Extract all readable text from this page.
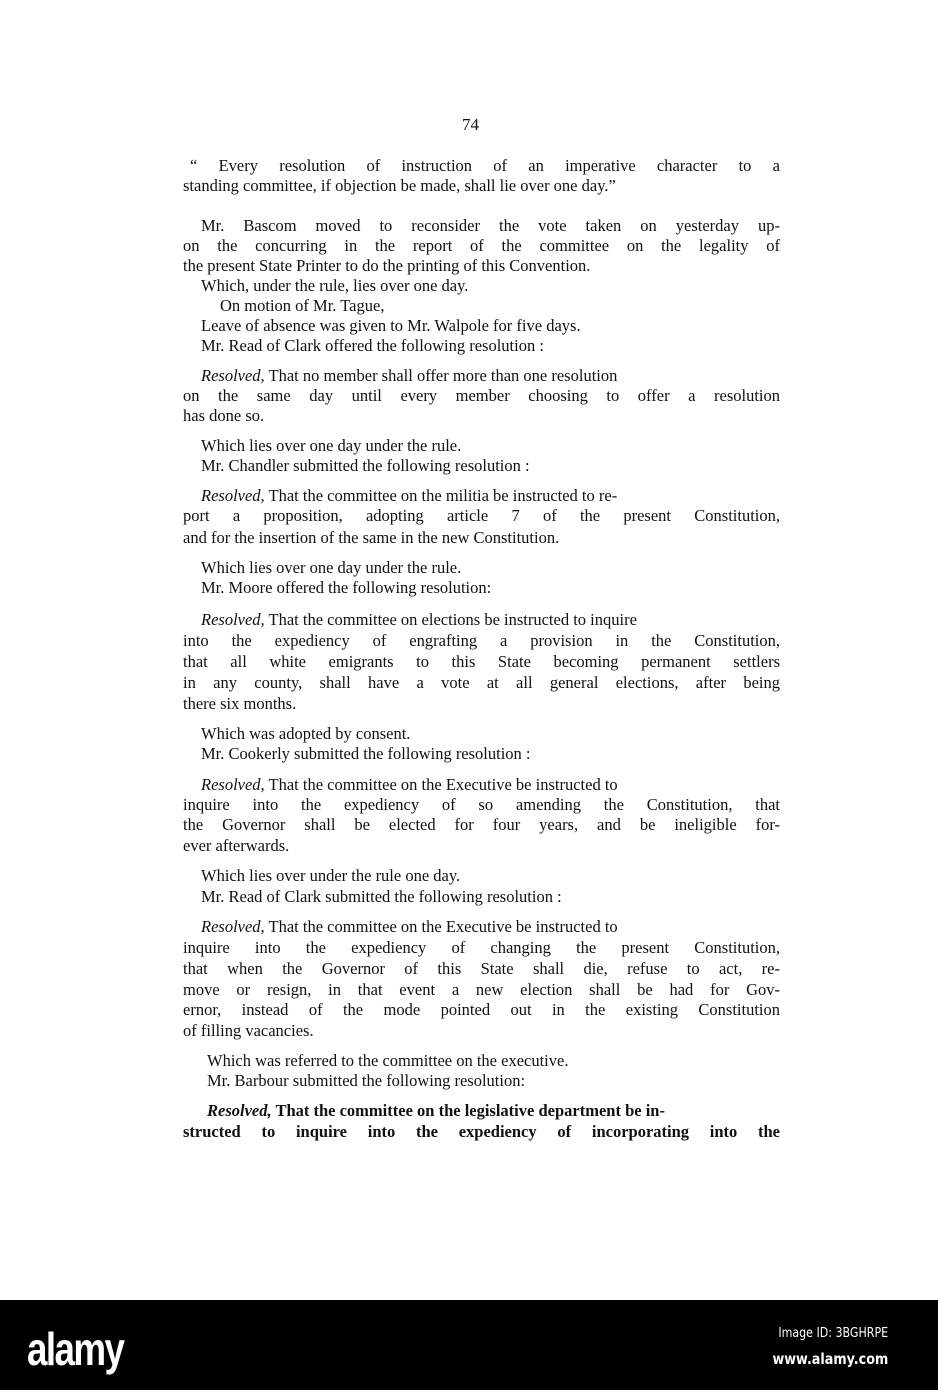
74
“ Every resolution of instruction of an imperative character to a
standing committee, if objection be made, shall lie over one day.”
Mr. Bascom moved to reconsider the vote taken on yesterday up-
on the concurring in the report of the committee on the legality of
the present State Printer to do the printing of this Convention.
Which, under the rule, lies over one day.
On motion of Mr. Tague,
Leave of absence was given to Mr. Walpole for five days.
Mr. Read of Clark offered the following resolution :
Resolved, That no member shall offer more than one resolution
on the same day until every member choosing to offer a resolution
has done so.
Which lies over one day under the rule.
Mr. Chandler submitted the following resolution :
Resolved, That the committee on the militia be instructed to re-
port a proposition, adopting article 7 of the present Constitution,
and for the insertion of the same in the new Constitution.
Which lies over one day under the rule.
Mr. Moore offered the following resolution:
Resolved, That the committee on elections be instructed to inquire
into the expediency of engrafting a provision in the Constitution,
that all white emigrants to this State becoming permanent settlers
in any county, shall have a vote at all general elections, after being
there six months.
Which was adopted by consent.
Mr. Cookerly submitted the following resolution :
Resolved, That the committee on the Executive be instructed to
inquire into the expediency of so amending the Constitution, that
the Governor shall be elected for four years, and be ineligible for-
ever afterwards.
Which lies over under the rule one day.
Mr. Read of Clark submitted the following resolution :
Resolved, That the committee on the Executive be instructed to
inquire into the expediency of changing the present Constitution,
that when the Governor of this State shall die, refuse to act, re-
move or resign, in that event a new election shall be had for Gov-
ernor, instead of the mode pointed out in the existing Constitution
of filling vacancies.
Which was referred to the committee on the executive.
Mr. Barbour submitted the following resolution:
Resolved, That the committee on the legislative department be in-
structed to inquire into the expediency of incorporating into the
alamy	Image ID: 3BGHRPE
www.alamy.com
